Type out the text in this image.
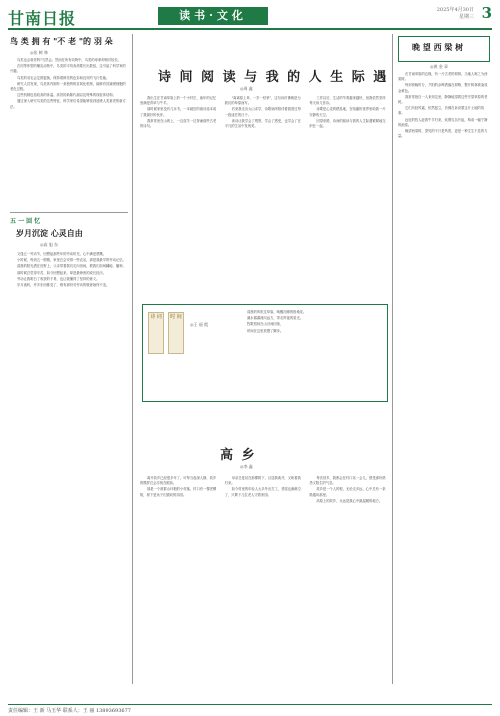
甘南日报	读书·文化	2025年4月30日
星期三 3
鸟 类 拥 有 "不 老 "的 羽 朵
◎张 树 林

鸟类也会衰老吗?当然会。然而在所有动物中，鸟类的寿命却相对较长。

在同等体型的哺乳动物中，鸟类的平均寿命要长出数倍，这引起了科学家的兴趣。

鸟类的羽毛会定期更换，保持着鲜亮的色彩和良好的飞行性能。

研究人员发现，鸟类体内拥有一套独特的抗氧化机制，能够有效减缓细胞的老化过程。

这些机制包括较高的体温、高效的新陈代谢以及特殊的线粒体结构。

通过深入研究鸟类的这些特征，科学家们希望能够找到延缓人类衰老的新方法。

五 一 回 忆
岁月沉淀 心灵自由
◎高 旭 东

又逢五一劳动节，回想起那些年的劳动时光，心中满是感慨。

小时候，每到五一假期，家里总会安排一些农活，那是我最早的劳动记忆。

清晨的阳光洒在田野上，父亲带着我们走向田间，教我们如何翻地、播种。

那时候总觉得辛苦，如今回想起来，却是最珍贵的成长经历。

劳动让我明白了收获的不易，也让我懂得了坚持的意义。

岁月流转，许多东西都变了，唯有那份对劳动的敬意始终不变。

诗 间 阅 读 与 我 的 人 生 际 遇
◎周 鑫

我出生在甘南草原上的一个小村庄，童年的记忆里满是青草与牛羊。

那时候家里没有几本书，一本破旧的唐诗选本成了我最好的伙伴。

我常常坐在山坡上，一边放羊一边背诵那些古老的诗句。

"离离原上草，一岁一枯荣"，这句诗仿佛就是为我们的草原而写。

后来我走出大山求学，诗歌始终陪伴着我度过每一段迷茫的日子。

读诗让我学会了观察，学会了感受，也学会了在平凡的生活中发现美。

工作以后，生活的节奏越来越快，但我依然坚持每天读几首诗。

诗歌是心灵的栖息地，在喧嚣的世界里给我一片安静的天空。

回望来路，诗间的阅读与我的人生际遇紧紧地交织在一起。

晚 望 西 梁 树
◎黄 金 章

在甘南草原的边缘，有一片古老的树林，当地人称之为西梁树。

每到傍晚时分，夕阳的余晖洒落在树梢，整片树林被染成金黄色。

我常常独自一人来到这里，静静地望着这些守望草原的老树。

它们历经风霜，依然挺立，仿佛在诉说着这片土地的故事。

远处的牧人赶着牛羊归来，炊烟袅袅升起，构成一幅宁静的画卷。

晚望西梁树，望见的不只是风景，更是一种生生不息的力量。

诗 词	时 间
◎王 丽 霞

清晨的风吹过草原，唤醒沉睡的格桑花。

溪水潺潺流向远方，带走昨夜的星光。

牧歌悠扬在山谷间回荡，

时间在这里放慢了脚步。

高 乡
◎李 鑫

离开故乡已经很多年了，可每当夜深人静，故乡的模样总会浮现在眼前。

那是一个被群山环抱的小村落，村口有一棵老柳树，树下是孩子们嬉戏的乐园。

母亲总是站在那棵树下，目送我离开，又盼着我归来。

如今村里的年轻人大多外出打工，老屋也渐渐空了，只剩下几位老人守着家园。

每次回乡，我都会在村口站一会儿，感受那份熟悉又陌生的气息。

故乡是一个人的根，无论走多远，心中总有一条路通向那里。

高原上的故乡，永远是我心中最温暖的地方。

责任编辑：王 新 马玉华 联系人：王 丽 13893693677
